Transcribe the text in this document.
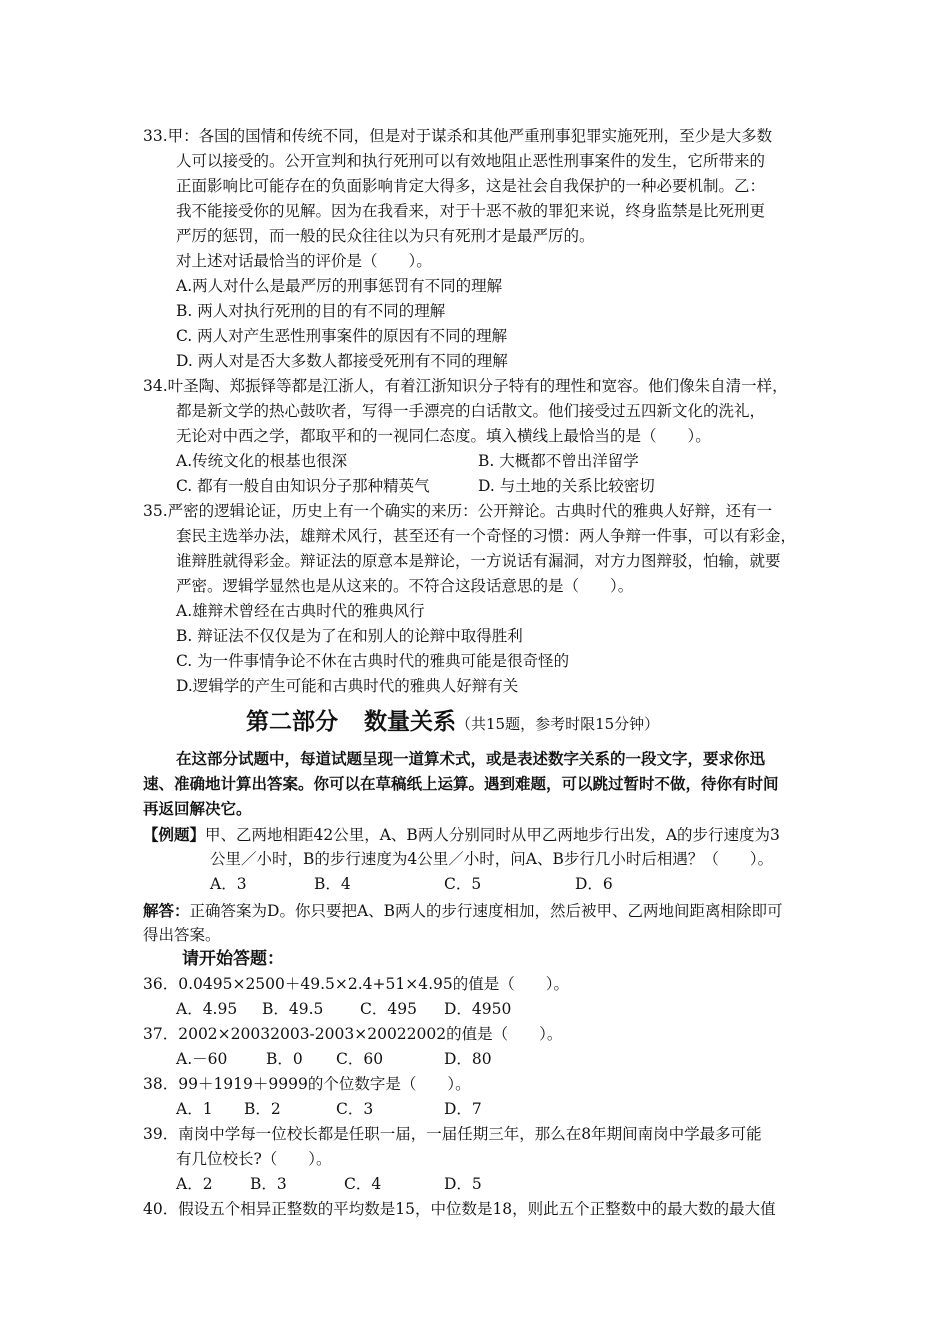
33.甲：各国的国情和传统不同，但是对于谋杀和其他严重刑事犯罪实施死刑，至少是大多数
人可以接受的。公开宣判和执行死刑可以有效地阻止恶性刑事案件的发生，它所带来的
正面影响比可能存在的负面影响肯定大得多，这是社会自我保护的一种必要机制。乙：
我不能接受你的见解。因为在我看来，对于十恶不赦的罪犯来说，终身监禁是比死刑更
严厉的惩罚，而一般的民众往往以为只有死刑才是最严厉的。
对上述对话最恰当的评价是（　　）。
A.两人对什么是最严厉的刑事惩罚有不同的理解
B. 两人对执行死刑的目的有不同的理解
C. 两人对产生恶性刑事案件的原因有不同的理解
D. 两人对是否大多数人都接受死刑有不同的理解
34.叶圣陶、郑振铎等都是江浙人，有着江浙知识分子特有的理性和宽容。他们像朱自清一样，
都是新文学的热心鼓吹者，写得一手漂亮的白话散文。他们接受过五四新文化的洗礼，
无论对中西之学，都取平和的一视同仁态度。填入横线上最恰当的是（　　）。
A.传统文化的根基也很深	B. 大概都不曾出洋留学
C. 都有一般自由知识分子那种精英气	D. 与土地的关系比较密切
35.严密的逻辑论证，历史上有一个确实的来历：公开辩论。古典时代的雅典人好辩，还有一
套民主选举办法，雄辩术风行，甚至还有一个奇怪的习惯：两人争辩一件事，可以有彩金，
谁辩胜就得彩金。辩证法的原意本是辩论，一方说话有漏洞，对方力图辩驳，怕输，就要
严密。逻辑学显然也是从这来的。不符合这段话意思的是（　　）。
A.雄辩术曾经在古典时代的雅典风行
B. 辩证法不仅仅是为了在和别人的论辩中取得胜利
C. 为一件事情争论不休在古典时代的雅典可能是很奇怪的
D.逻辑学的产生可能和古典时代的雅典人好辩有关
第二部分 数量关系（共15题，参考时限15分钟）
在这部分试题中，每道试题呈现一道算术式，或是表述数字关系的一段文字，要求你迅
速、准确地计算出答案。你可以在草稿纸上运算。遇到难题，可以跳过暂时不做，待你有时间
再返回解决它。
【例题】甲、乙两地相距42公里，A、B两人分别同时从甲乙两地步行出发，A的步行速度为3
公里／小时，B的步行速度为4公里／小时，问A、B步行几小时后相遇？（　　）。
A．3	B．4	C．5	D．6
解答：正确答案为D。你只要把A、B两人的步行速度相加，然后被甲、乙两地间距离相除即可
得出答案。
请开始答题：
36．0.0495×2500＋49.5×2.4+51×4.95的值是（　　）。
A．4.95 B．49.5 C．495 D．4950
37．2002×20032003-2003×20022002的值是（　　）。
A.－60 B．0 C．60	D．80
38．99＋1919＋9999的个位数字是（　　）。
A．1 B．2	C．3	D．7
39．南岗中学每一位校长都是任职一届，一届任期三年，那么在8年期间南岗中学最多可能
有几位校长?（　　）。
A．2 B．3	C．4	D．5
40．假设五个相异正整数的平均数是15，中位数是18，则此五个正整数中的最大数的最大值
